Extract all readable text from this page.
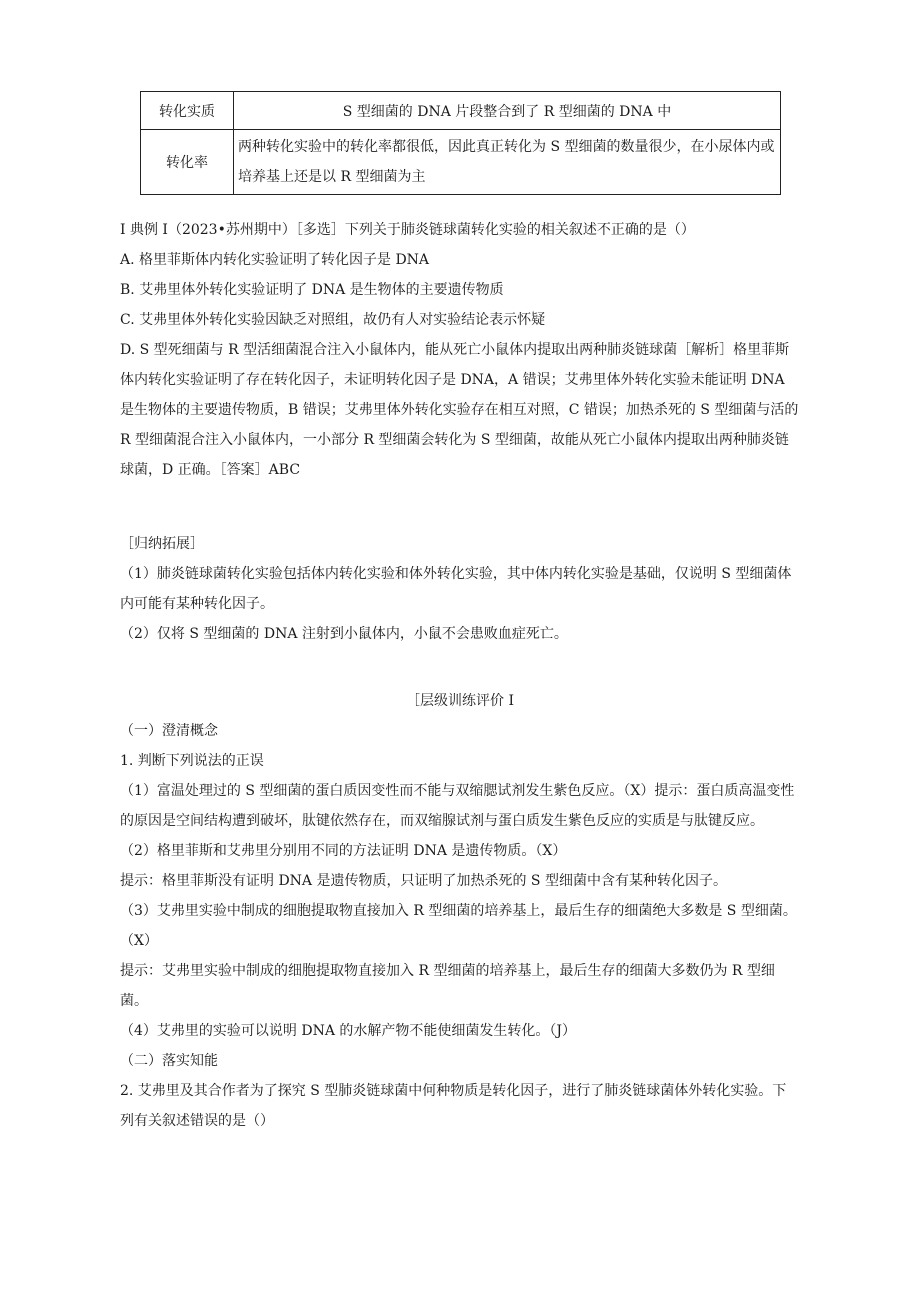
转化实质	S 型细菌的 DNA 片段整合到了 R 型细菌的 DNA 中
转化率	两种转化实验中的转化率都很低，因此真正转化为 S 型细菌的数量很少，在小尿体内或培养基上还是以 R 型细菌为主

I 典例 I（2023•苏州期中）［多选］下列关于肺炎链球菌转化实验的相关叙述不正确的是（）

A. 格里菲斯体内转化实验证明了转化因子是 DNA

B. 艾弗里体外转化实验证明了 DNA 是生物体的主要遗传物质

C. 艾弗里体外转化实验因缺乏对照组，故仍有人对实验结论表示怀疑

D. S 型死细菌与 R 型活细菌混合注入小鼠体内，能从死亡小鼠体内提取出两种肺炎链球菌［解析］格里菲斯体内转化实验证明了存在转化因子，未证明转化因子是 DNA，A 错误；艾弗里体外转化实验未能证明 DNA 是生物体的主要遗传物质，B 错误；艾弗里体外转化实验存在相互对照，C 错误；加热杀死的 S 型细菌与活的 R 型细菌混合注入小鼠体内，一小部分 R 型细菌会转化为 S 型细菌，故能从死亡小鼠体内提取出两种肺炎链球菌，D 正确。［答案］ABC

［归纳拓展］

（1）肺炎链球菌转化实验包括体内转化实验和体外转化实验，其中体内转化实验是基础，仅说明 S 型细菌体内可能有某种转化因子。

（2）仅将 S 型细菌的 DNA 注射到小鼠体内，小鼠不会患败血症死亡。

［层级训练评价 I

（一）澄清概念

1. 判断下列说法的正误

（1）富温处理过的 S 型细菌的蛋白质因变性而不能与双缩腮试剂发生紫色反应。（X）提示：蛋白质高温变性的原因是空间结构遭到破坏，肽键依然存在，而双缩腺试剂与蛋白质发生紫色反应的实质是与肽键反应。

（2）格里菲斯和艾弗里分别用不同的方法证明 DNA 是遗传物质。（X）

提示：格里菲斯没有证明 DNA 是遗传物质，只证明了加热杀死的 S 型细菌中含有某种转化因子。

（3）艾弗里实验中制成的细胞提取物直接加入 R 型细菌的培养基上，最后生存的细菌绝大多数是 S 型细菌。（X）

提示：艾弗里实验中制成的细胞提取物直接加入 R 型细菌的培养基上，最后生存的细菌大多数仍为 R 型细菌。

（4）艾弗里的实验可以说明 DNA 的水解产物不能使细菌发生转化。（J）

（二）落实知能

2. 艾弗里及其合作者为了探究 S 型肺炎链球菌中何种物质是转化因子，进行了肺炎链球菌体外转化实验。下列有关叙述错误的是（）
